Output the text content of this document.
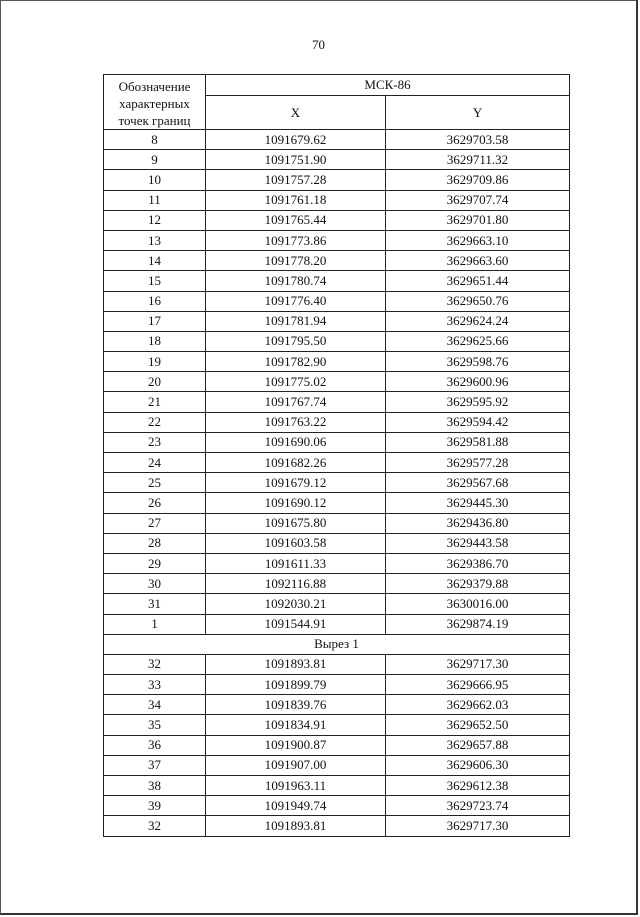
70
Обозначение
характерных
точек границ	МСК-86	
	X	Y
8	1091679.62	3629703.58
9	1091751.90	3629711.32
10	1091757.28	3629709.86
11	1091761.18	3629707.74
12	1091765.44	3629701.80
13	1091773.86	3629663.10
14	1091778.20	3629663.60
15	1091780.74	3629651.44
16	1091776.40	3629650.76
17	1091781.94	3629624.24
18	1091795.50	3629625.66
19	1091782.90	3629598.76
20	1091775.02	3629600.96
21	1091767.74	3629595.92
22	1091763.22	3629594.42
23	1091690.06	3629581.88
24	1091682.26	3629577.28
25	1091679.12	3629567.68
26	1091690.12	3629445.30
27	1091675.80	3629436.80
28	1091603.58	3629443.58
29	1091611.33	3629386.70
30	1092116.88	3629379.88
31	1092030.21	3630016.00
1	1091544.91	3629874.19
Вырез 1		
32	1091893.81	3629717.30
33	1091899.79	3629666.95
34	1091839.76	3629662.03
35	1091834.91	3629652.50
36	1091900.87	3629657.88
37	1091907.00	3629606.30
38	1091963.11	3629612.38
39	1091949.74	3629723.74
32	1091893.81	3629717.30
